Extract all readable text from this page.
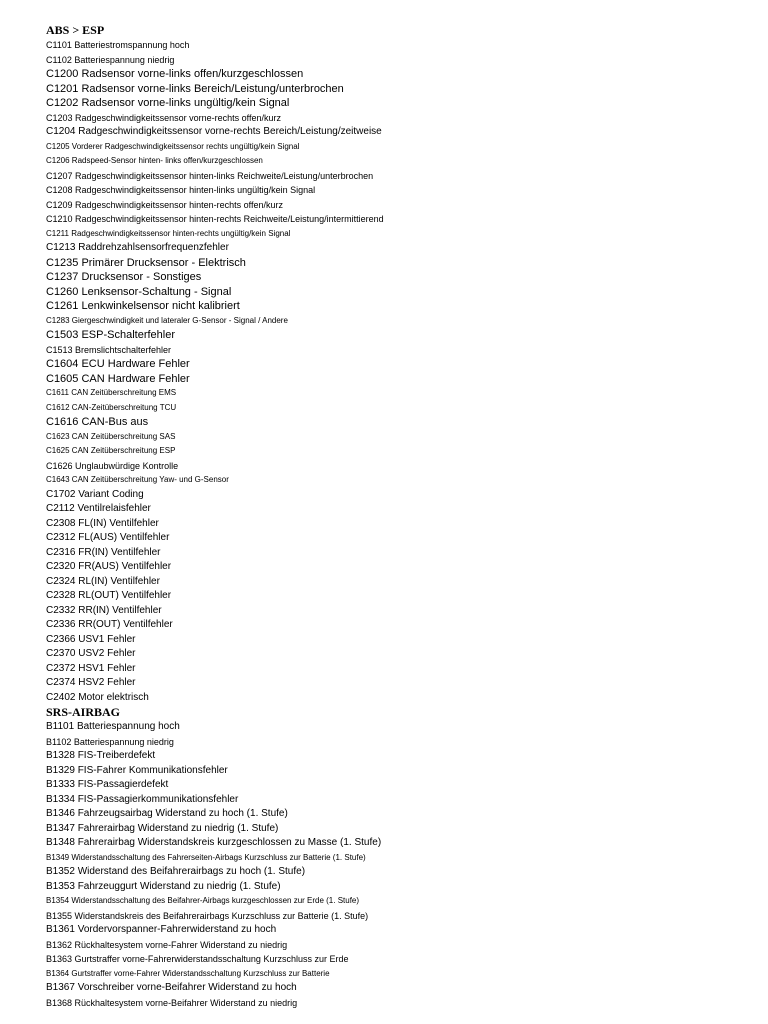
ABS > ESP
C1101 Batteriestromspannung hoch
C1102 Batteriespannung niedrig
C1200 Radsensor vorne-links offen/kurzgeschlossen
C1201 Radsensor vorne-links Bereich/Leistung/unterbrochen
C1202 Radsensor vorne-links ungültig/kein Signal
C1203 Radgeschwindigkeitssensor vorne-rechts offen/kurz
C1204 Radgeschwindigkeitssensor vorne-rechts Bereich/Leistung/zeitweise
C1205 Vorderer Radgeschwindigkeitssensor rechts ungültig/kein Signal
C1206 Radspeed-Sensor hinten- links offen/kurzgeschlossen
C1207 Radgeschwindigkeitssensor hinten-links Reichweite/Leistung/unterbrochen
C1208 Radgeschwindigkeitssensor hinten-links ungültig/kein Signal
C1209 Radgeschwindigkeitssensor hinten-rechts offen/kurz
C1210 Radgeschwindigkeitssensor hinten-rechts Reichweite/Leistung/intermittierend
C1211 Radgeschwindigkeitssensor hinten-rechts ungültig/kein Signal
C1213 Raddrehzahlsensorfrequenzfehler
C1235 Primärer Drucksensor - Elektrisch
C1237 Drucksensor - Sonstiges
C1260 Lenksensor-Schaltung - Signal
C1261 Lenkwinkelsensor nicht kalibriert
C1283 Giergeschwindigkeit und lateraler G-Sensor - Signal / Andere
C1503 ESP-Schalterfehler
C1513 Bremslichtschalterfehler
C1604 ECU Hardware Fehler
C1605 CAN Hardware Fehler
C1611 CAN Zeitüberschreitung EMS
C1612 CAN-Zeitüberschreitung TCU
C1616 CAN-Bus aus
C1623 CAN Zeitüberschreitung SAS
C1625 CAN Zeitüberschreitung ESP
C1626 Unglaubwürdige Kontrolle
C1643 CAN Zeitüberschreitung Yaw- und G-Sensor
C1702 Variant Coding
C2112 Ventilrelaisfehler
C2308 FL(IN) Ventilfehler
C2312 FL(AUS) Ventilfehler
C2316 FR(IN) Ventilfehler
C2320 FR(AUS) Ventilfehler
C2324 RL(IN) Ventilfehler
C2328 RL(OUT) Ventilfehler
C2332 RR(IN) Ventilfehler
C2336 RR(OUT) Ventilfehler
C2366 USV1 Fehler
C2370 USV2 Fehler
C2372 HSV1 Fehler
C2374 HSV2 Fehler
C2402 Motor elektrisch
SRS-AIRBAG
B1101 Batteriespannung hoch
B1102 Batteriespannung niedrig
B1328 FIS-Treiberdefekt
B1329 FIS-Fahrer Kommunikationsfehler
B1333 FIS-Passagierdefekt
B1334 FIS-Passagierkommunikationsfehler
B1346 Fahrzeugsairbag Widerstand zu hoch (1. Stufe)
B1347 Fahrerairbag Widerstand zu niedrig (1. Stufe)
B1348 Fahrerairbag Widerstandskreis kurzgeschlossen zu Masse (1. Stufe)
B1349 Widerstandsschaltung des Fahrerseiten-Airbags Kurzschluss zur Batterie (1. Stufe)
B1352 Widerstand des Beifahrerairbags zu hoch (1. Stufe)
B1353 Fahrzeuggurt Widerstand zu niedrig (1. Stufe)
B1354 Widerstandsschaltung des Beifahrer-Airbags kurzgeschlossen zur Erde (1. Stufe)
B1355 Widerstandskreis des Beifahrerairbags Kurzschluss zur Batterie (1. Stufe)
B1361 Vordervorspanner-Fahrerwiderstand zu hoch
B1362 Rückhaltesystem vorne-Fahrer Widerstand zu niedrig
B1363 Gurtstraffer vorne-Fahrerwiderstandsschaltung Kurzschluss zur Erde
B1364 Gurtstraffer vorne-Fahrer Widerstandsschaltung Kurzschluss zur Batterie
B1367 Vorschreiber vorne-Beifahrer Widerstand zu hoch
B1368 Rückhaltesystem vorne-Beifahrer Widerstand zu niedrig
